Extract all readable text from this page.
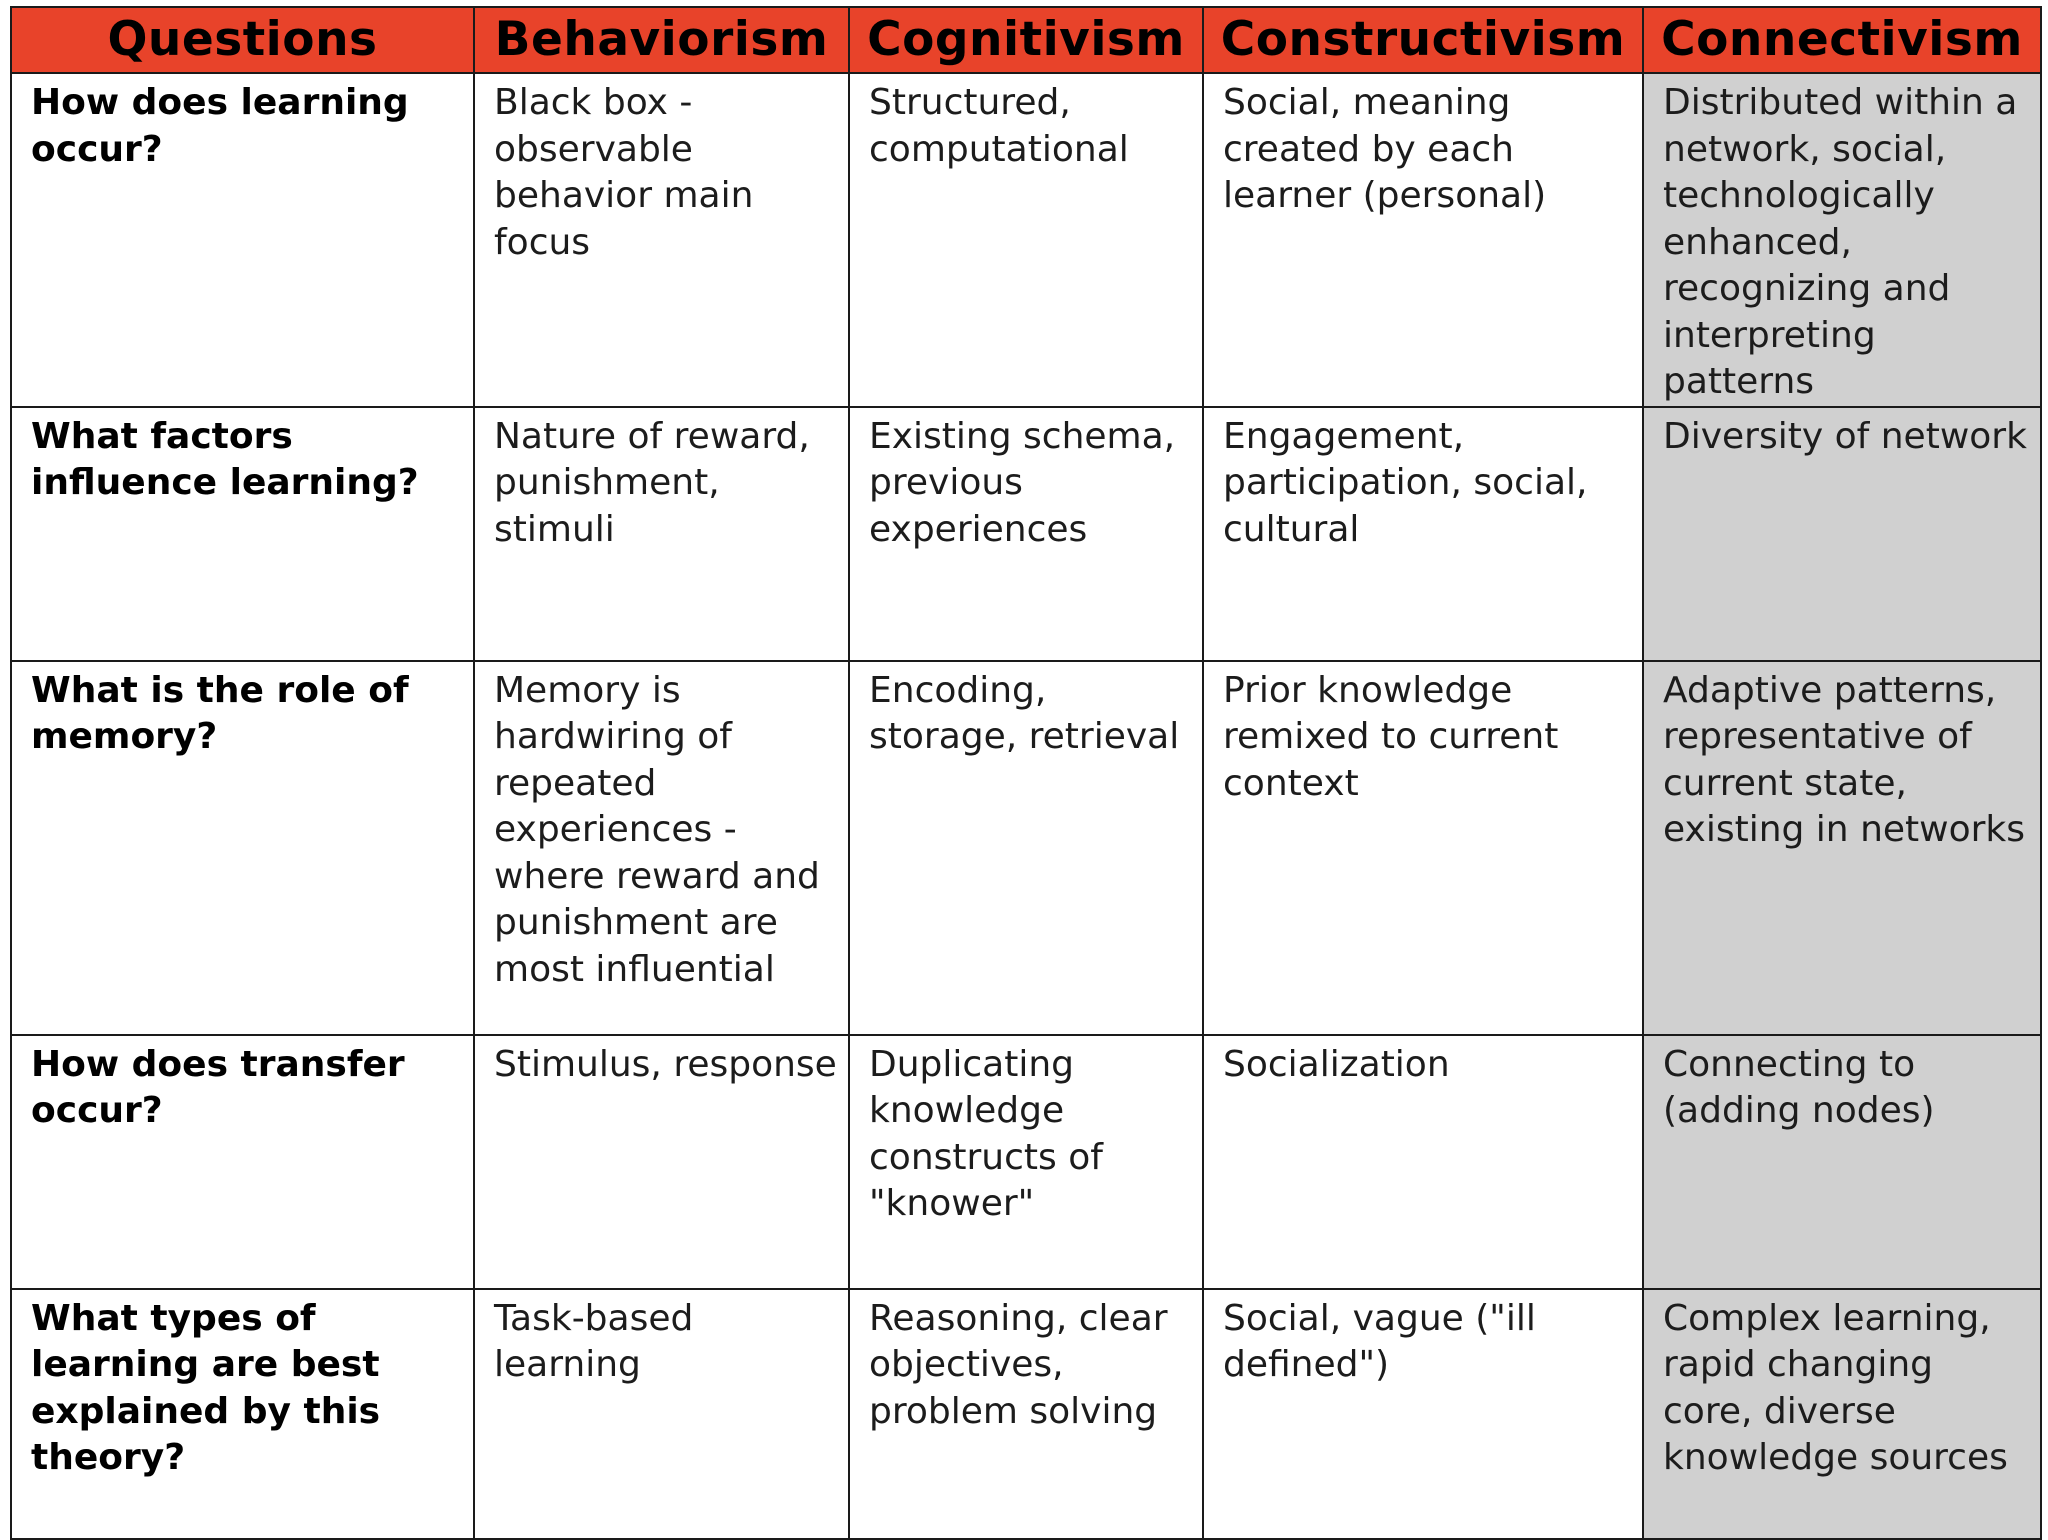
Questions	Behaviorism	Cognitivism	Constructivism	Connectivism
How does learning occur?	Black box - observable behavior main focus	Structured, computational	Social, meaning created by each learner (personal)	Distributed within a network, social, technologically enhanced, recognizing and interpreting patterns
What factors influence learning?	Nature of reward, punishment, stimuli	Existing schema, previous experiences	Engagement, participation, social, cultural	Diversity of network
What is the role of memory?	Memory is hardwiring of repeated experiences - where reward and punishment are most influential	Encoding, storage, retrieval	Prior knowledge remixed to current context	Adaptive patterns, representative of current state, existing in networks
How does transfer occur?	Stimulus, response	Duplicating knowledge constructs of "knower"	Socialization	Connecting to (adding nodes)
What types of learning are best explained by this theory?	Task-based learning	Reasoning, clear objectives, problem solving	Social, vague ("ill defined")	Complex learning, rapid changing core, diverse knowledge sources
